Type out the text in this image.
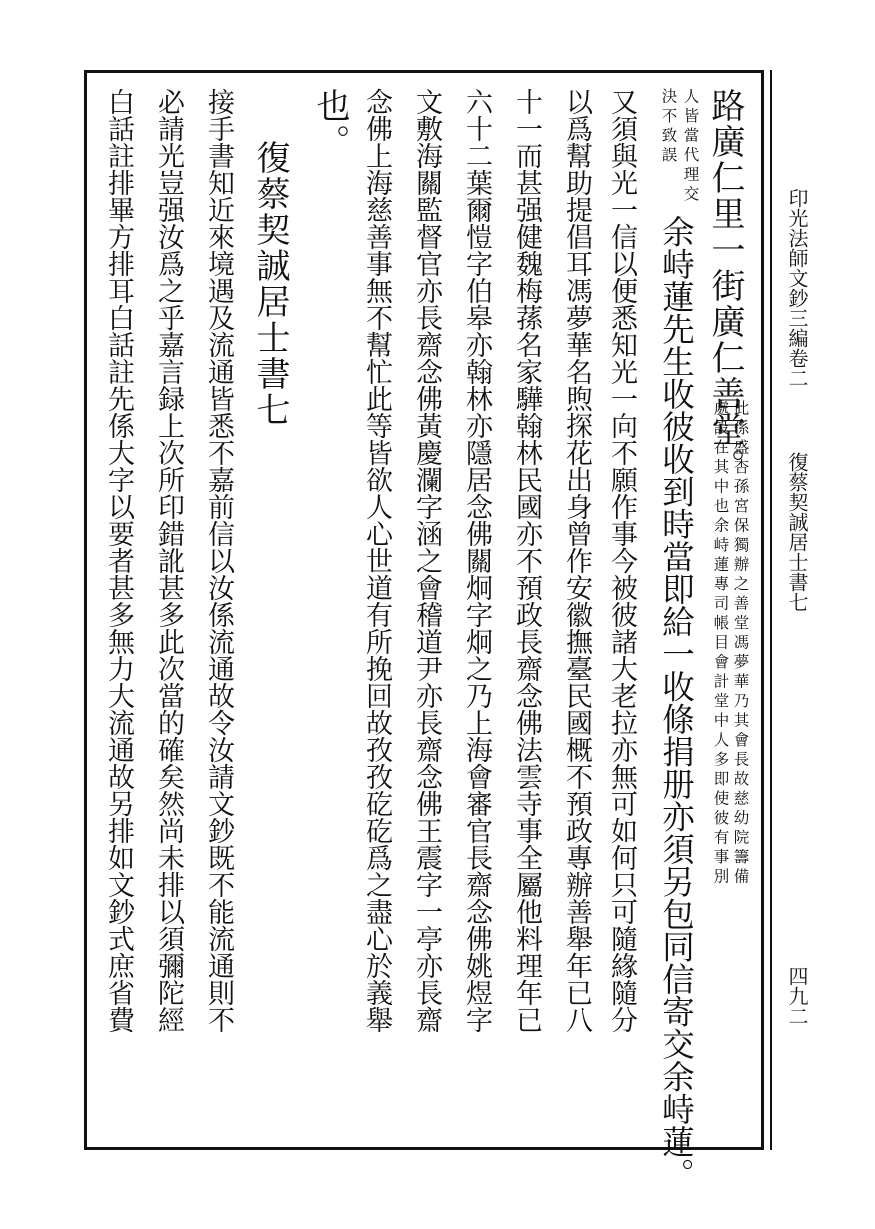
印光法師文鈔三編卷二
復蔡契誠居士書七
四九二
路廣仁里一街廣仁善堂。
此係盛杏孫宮保獨辦之善堂馮夢華乃其會長故慈幼院籌備
處設在其中也余峙蓮專司帳目會計堂中人多即使彼有事別
人皆當代理交
決不致誤
余峙蓮先生收彼收到時當即給一收條捐册亦須另包同信寄交余峙蓮。
又須與光一信以便悉知光一向不願作事今被彼諸大老拉亦無可如何只可隨緣隨分
以爲幫助提倡耳馮夢華名煦探花出身曾作安徽撫臺民國概不預政專辦善舉年已八
十一而甚强健魏梅蓀名家驊翰林民國亦不預政長齋念佛法雲寺事全屬他料理年已
六十二葉爾愷字伯皋亦翰林亦隱居念佛關炯字炯之乃上海會審官長齋念佛姚煜字
文敷海關監督官亦長齋念佛黃慶瀾字涵之會稽道尹亦長齋念佛王震字一亭亦長齋
念佛上海慈善事無不幫忙此等皆欲人心世道有所挽回故孜孜矻矻爲之盡心於義舉
也。
復蔡契誠居士書七
接手書知近來境遇及流通皆悉不嘉前信以汝係流通故令汝請文鈔既不能流通則不
必請光豈强汝爲之乎嘉言録上次所印錯訛甚多此次當的確矣然尚未排以須彌陀經
白話註排畢方排耳白話註先係大字以要者甚多無力大流通故另排如文鈔式庶省費
